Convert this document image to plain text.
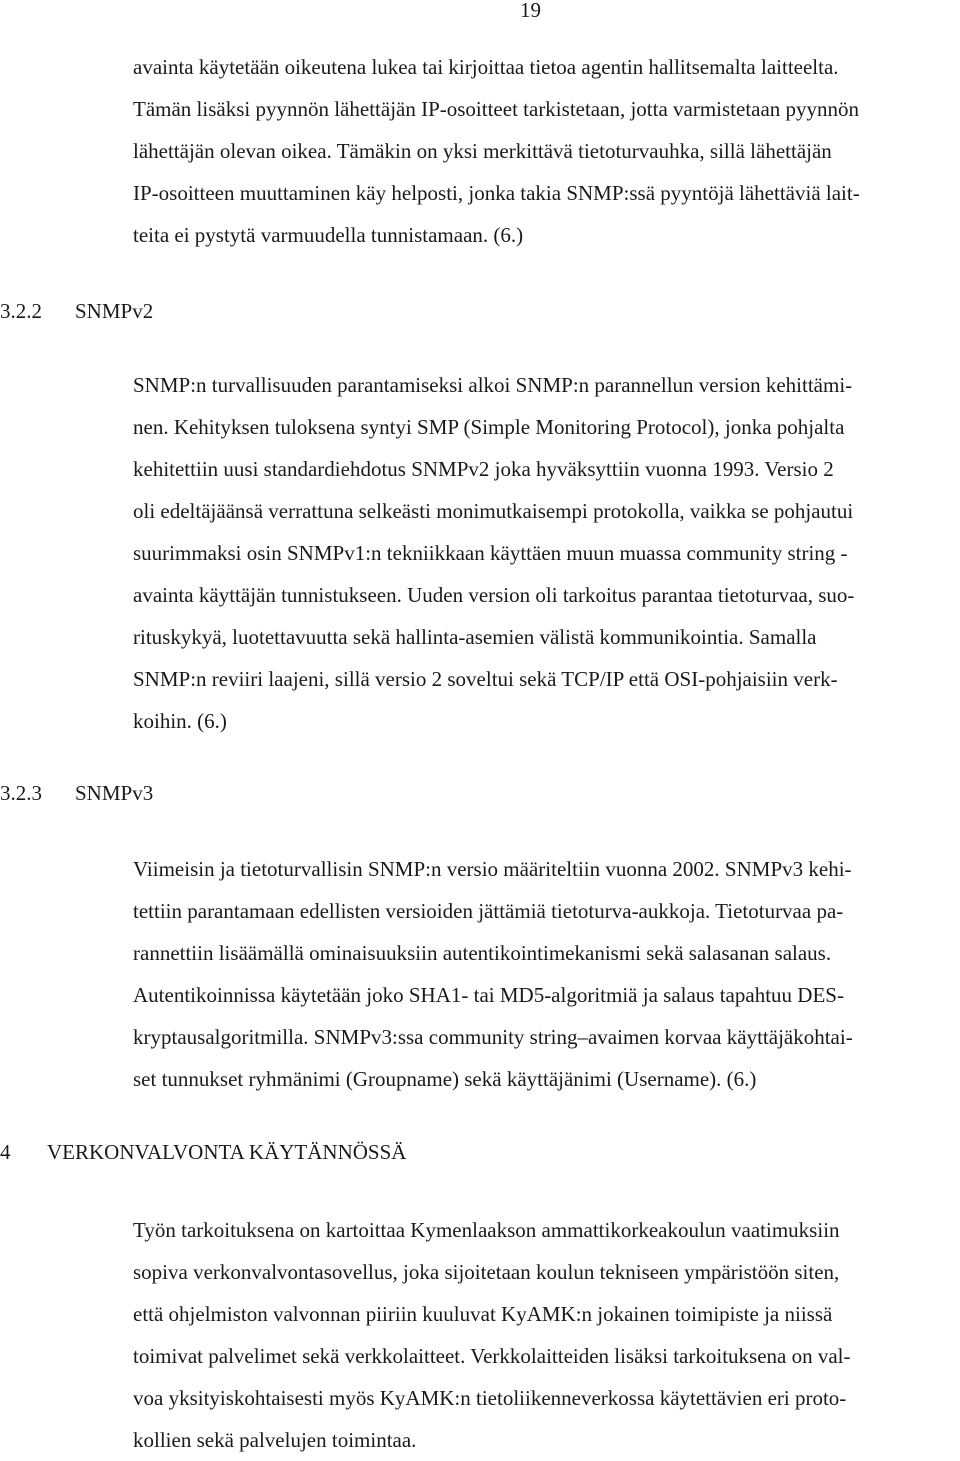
19
avainta käytetään oikeutena lukea tai kirjoittaa tietoa agentin hallitsemalta laitteelta.
Tämän lisäksi pyynnön lähettäjän IP-osoitteet tarkistetaan, jotta varmistetaan pyynnön
lähettäjän olevan oikea. Tämäkin on yksi merkittävä tietoturvauhka, sillä lähettäjän
IP-osoitteen muuttaminen käy helposti, jonka takia SNMP:ssä pyyntöjä lähettäviä lait-
teita ei pystytä varmuudella tunnistamaan. (6.)
3.2.2 SNMPv2
SNMP:n turvallisuuden parantamiseksi alkoi SNMP:n parannellun version kehittämi-
nen. Kehityksen tuloksena syntyi SMP (Simple Monitoring Protocol), jonka pohjalta
kehitettiin uusi standardiehdotus SNMPv2 joka hyväksyttiin vuonna 1993. Versio 2
oli edeltäjäänsä verrattuna selkeästi monimutkaisempi protokolla, vaikka se pohjautui
suurimmaksi osin SNMPv1:n tekniikkaan käyttäen muun muassa community string -
avainta käyttäjän tunnistukseen. Uuden version oli tarkoitus parantaa tietoturvaa, suo-
rituskykyä, luotettavuutta sekä hallinta-asemien välistä kommunikointia. Samalla
SNMP:n reviiri laajeni, sillä versio 2 soveltui sekä TCP/IP että OSI-pohjaisiin verk-
koihin. (6.)
3.2.3 SNMPv3
Viimeisin ja tietoturvallisin SNMP:n versio määriteltiin vuonna 2002. SNMPv3 kehi-
tettiin parantamaan edellisten versioiden jättämiä tietoturva-aukkoja. Tietoturvaa pa-
rannettiin lisäämällä ominaisuuksiin autentikointimekanismi sekä salasanan salaus.
Autentikoinnissa käytetään joko SHA1- tai MD5-algoritmiä ja salaus tapahtuu DES-
kryptausalgoritmilla. SNMPv3:ssa community string–avaimen korvaa käyttäjäkohtai-
set tunnukset ryhmänimi (Groupname) sekä käyttäjänimi (Username). (6.)
4 VERKONVALVONTA KÄYTÄNNÖSSÄ
Työn tarkoituksena on kartoittaa Kymenlaakson ammattikorkeakoulun vaatimuksiin
sopiva verkonvalvontasovellus, joka sijoitetaan koulun tekniseen ympäristöön siten,
että ohjelmiston valvonnan piiriin kuuluvat KyAMK:n jokainen toimipiste ja niissä
toimivat palvelimet sekä verkkolaitteet. Verkkolaitteiden lisäksi tarkoituksena on val-
voa yksityiskohtaisesti myös KyAMK:n tietoliikenneverkossa käytettävien eri proto-
kollien sekä palvelujen toimintaa.
